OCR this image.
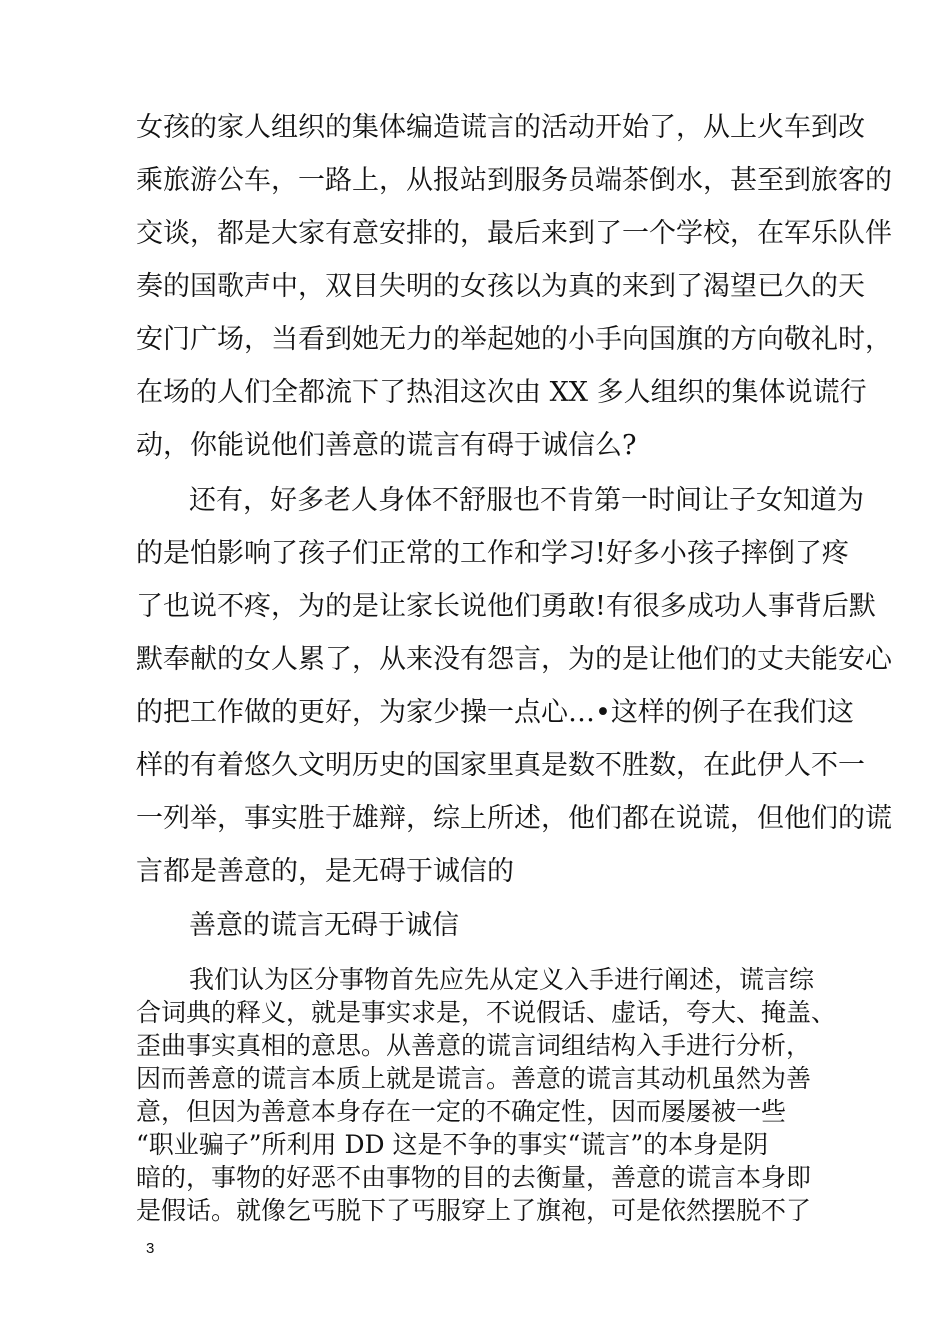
女孩的家人组织的集体编造谎言的活动开始了，从上火车到改
乘旅游公车，一路上，从报站到服务员端茶倒水，甚至到旅客的
交谈，都是大家有意安排的，最后来到了一个学校，在军乐队伴
奏的国歌声中，双目失明的女孩以为真的来到了渴望已久的天
安门广场，当看到她无力的举起她的小手向国旗的方向敬礼时，
在场的人们全都流下了热泪这次由 XX 多人组织的集体说谎行
动，你能说他们善意的谎言有碍于诚信么?
还有，好多老人身体不舒服也不肯第一时间让子女知道为
的是怕影响了孩子们正常的工作和学习!好多小孩子摔倒了疼
了也说不疼，为的是让家长说他们勇敢!有很多成功人事背后默
默奉献的女人累了，从来没有怨言，为的是让他们的丈夫能安心
的把工作做的更好，为家少操一点心…•这样的例子在我们这
样的有着悠久文明历史的国家里真是数不胜数，在此伊人不一
一列举，事实胜于雄辩，综上所述，他们都在说谎，但他们的谎
言都是善意的，是无碍于诚信的
善意的谎言无碍于诚信
我们认为区分事物首先应先从定义入手进行阐述，谎言综
合词典的释义，就是事实求是，不说假话、虚话，夸大、掩盖、
歪曲事实真相的意思。从善意的谎言词组结构入手进行分析，
因而善意的谎言本质上就是谎言。善意的谎言其动机虽然为善
意，但因为善意本身存在一定的不确定性，因而屡屡被一些
“职业骗子”所利用 DD 这是不争的事实“谎言”的本身是阴
暗的，事物的好恶不由事物的目的去衡量，善意的谎言本身即
是假话。就像乞丐脱下了丐服穿上了旗袍，可是依然摆脱不了
3
